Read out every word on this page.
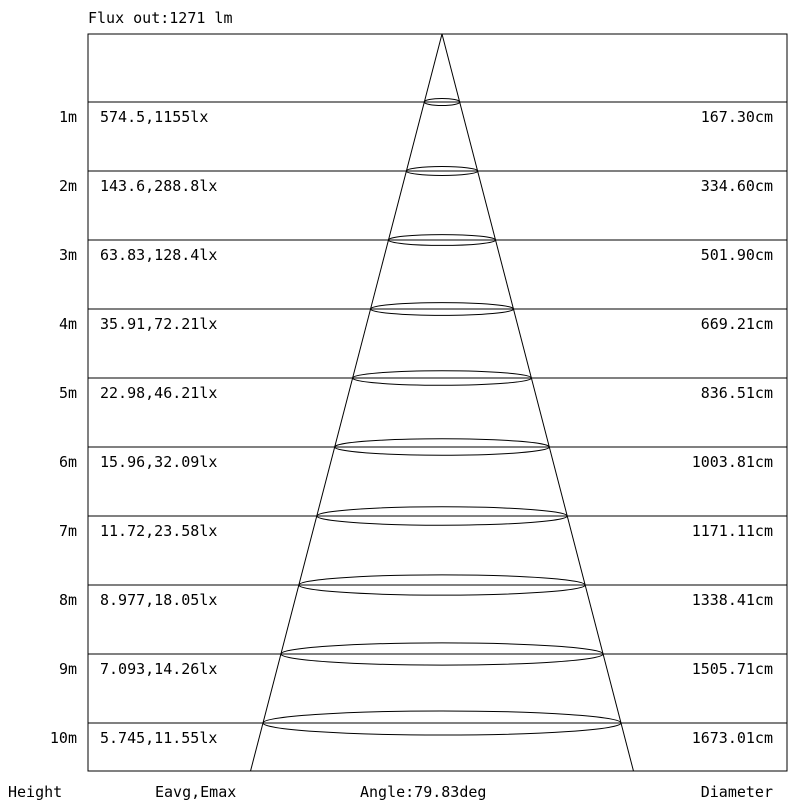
Flux out:1271 lm
1m 574.5,1155lx	167.30cm
2m 143.6,288.8lx	334.60cm
3m 63.83,128.4lx	501.90cm
4m 35.91,72.21lx	669.21cm
5m 22.98,46.21lx	836.51cm
6m 15.96,32.09lx	1003.81cm
7m 11.72,23.58lx	1171.11cm
8m 8.977,18.05lx	1338.41cm
9m 7.093,14.26lx	1505.71cm
10m 5.745,11.55lx	1673.01cm
Height	Eavg,Emax	Angle:79.83deg	Diameter
